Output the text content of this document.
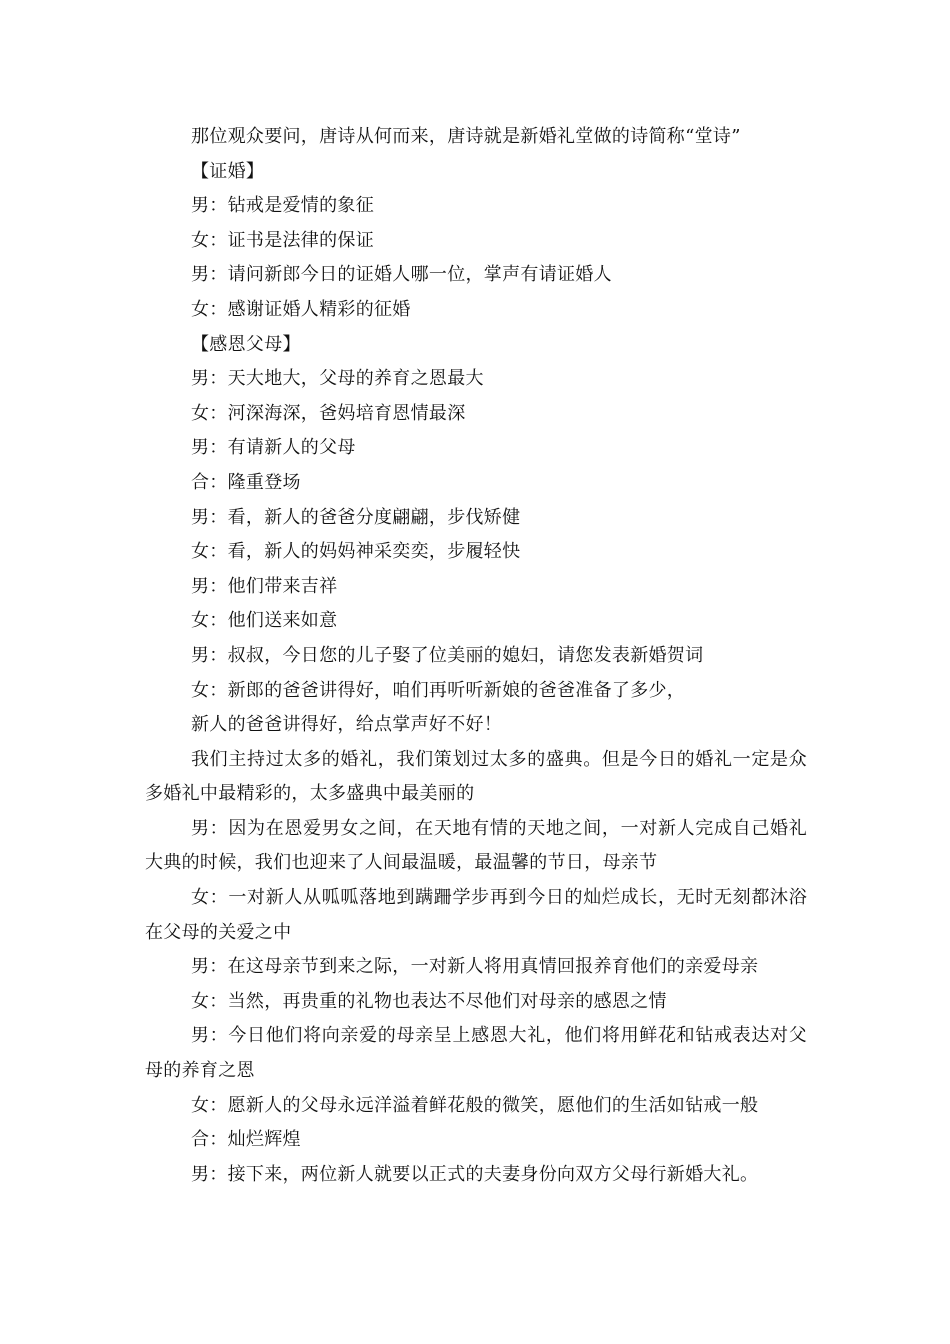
那位观众要问，唐诗从何而来，唐诗就是新婚礼堂做的诗简称“堂诗”

【证婚】

男：钻戒是爱情的象征

女：证书是法律的保证

男：请问新郎今日的证婚人哪一位，掌声有请证婚人

女：感谢证婚人精彩的征婚

【感恩父母】

男：天大地大，父母的养育之恩最大

女：河深海深，爸妈培育恩情最深

男：有请新人的父母

合：隆重登场

男：看，新人的爸爸分度翩翩，步伐矫健

女：看，新人的妈妈神采奕奕，步履轻快

男：他们带来吉祥

女：他们送来如意

男：叔叔，今日您的儿子娶了位美丽的媳妇，请您发表新婚贺词

女：新郎的爸爸讲得好，咱们再听听新娘的爸爸准备了多少，

新人的爸爸讲得好，给点掌声好不好！

我们主持过太多的婚礼，我们策划过太多的盛典。但是今日的婚礼一定是众多婚礼中最精彩的，太多盛典中最美丽的

男：因为在恩爱男女之间，在天地有情的天地之间，一对新人完成自己婚礼大典的时候，我们也迎来了人间最温暖，最温馨的节日，母亲节

女：一对新人从呱呱落地到蹒跚学步再到今日的灿烂成长，无时无刻都沐浴在父母的关爱之中

男：在这母亲节到来之际，一对新人将用真情回报养育他们的亲爱母亲

女：当然，再贵重的礼物也表达不尽他们对母亲的感恩之情

男：今日他们将向亲爱的母亲呈上感恩大礼，他们将用鲜花和钻戒表达对父母的养育之恩

女：愿新人的父母永远洋溢着鲜花般的微笑，愿他们的生活如钻戒一般

合：灿烂辉煌

男：接下来，两位新人就要以正式的夫妻身份向双方父母行新婚大礼。
